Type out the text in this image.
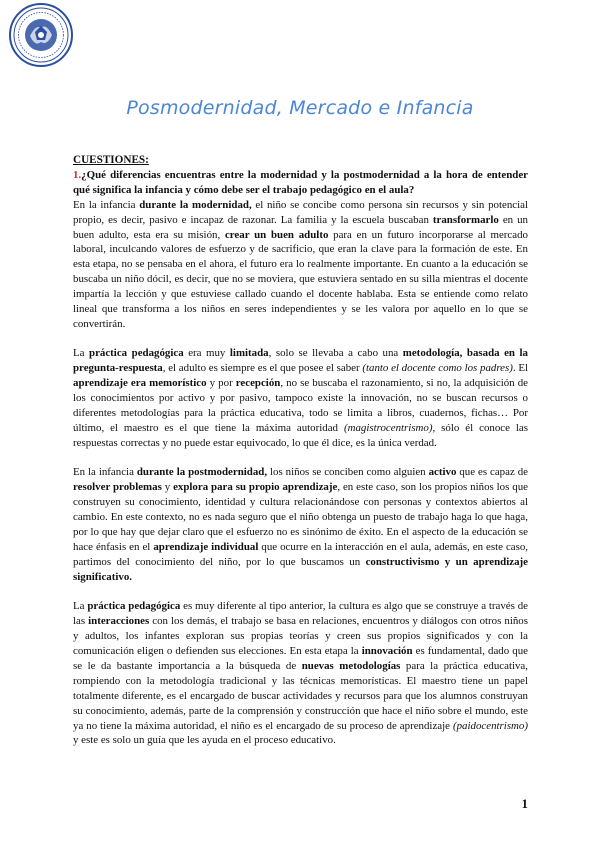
Posmodernidad, Mercado e Infancia

CUESTIONES:

1.¿Qué diferencias encuentras entre la modernidad y la postmodernidad a la hora de entender qué significa la infancia y cómo debe ser el trabajo pedagógico en el aula?

En la infancia durante la modernidad, el niño se concibe como persona sin recursos y sin potencial propio, es decir, pasivo e incapaz de razonar. La familia y la escuela buscaban transformarlo en un buen adulto, esta era su misión, crear un buen adulto para en un futuro incorporarse al mercado laboral, inculcando valores de esfuerzo y de sacrificio, que eran la clave para la formación de este. En esta etapa, no se pensaba en el ahora, el futuro era lo realmente importante. En cuanto a la educación se buscaba un niño dócil, es decir, que no se moviera, que estuviera sentado en su silla mientras el docente impartía la lección y que estuviese callado cuando el docente hablaba. Esta se entiende como relato lineal que transforma a los niños en seres independientes y se les valora por aquello en lo que se convertirán.

La práctica pedagógica era muy limitada, solo se llevaba a cabo una metodología, basada en la pregunta-respuesta, el adulto es siempre es el que posee el saber (tanto el docente como los padres). El aprendizaje era memorístico y por recepción, no se buscaba el razonamiento, si no, la adquisición de los conocimientos por activo y por pasivo, tampoco existe la innovación, no se buscan recursos o diferentes metodologías para la práctica educativa, todo se limita a libros, cuadernos, fichas… Por último, el maestro es el que tiene la máxima autoridad (magistrocentrismo), sólo él conoce las respuestas correctas y no puede estar equivocado, lo que él dice, es la única verdad.

En la infancia durante la postmodernidad, los niños se conciben como alguien activo que es capaz de resolver problemas y explora para su propio aprendizaje, en este caso, son los propios niños los que construyen su conocimiento, identidad y cultura relacionándose con personas y contextos abiertos al cambio. En este contexto, no es nada seguro que el niño obtenga un puesto de trabajo haga lo que haga, por lo que hay que dejar claro que el esfuerzo no es sinónimo de éxito. En el aspecto de la educación se hace énfasis en el aprendizaje individual que ocurre en la interacción en el aula, además, en este caso, partimos del conocimiento del niño, por lo que buscamos un constructivismo y un aprendizaje significativo.

La práctica pedagógica es muy diferente al tipo anterior, la cultura es algo que se construye a través de las interacciones con los demás, el trabajo se basa en relaciones, encuentros y diálogos con otros niños y adultos, los infantes exploran sus propias teorías y creen sus propios significados y con la comunicación eligen o defienden sus elecciones. En esta etapa la innovación es fundamental, dado que se le da bastante importancia a la búsqueda de nuevas metodologías para la práctica educativa, rompiendo con la metodología tradicional y las técnicas memorísticas. El maestro tiene un papel totalmente diferente, es el encargado de buscar actividades y recursos para que los alumnos construyan su conocimiento, además, parte de la comprensión y construcción que hace el niño sobre el mundo, este ya no tiene la máxima autoridad, el niño es el encargado de su proceso de aprendizaje (paidocentrismo) y este es solo un guía que les ayuda en el proceso educativo.

1
